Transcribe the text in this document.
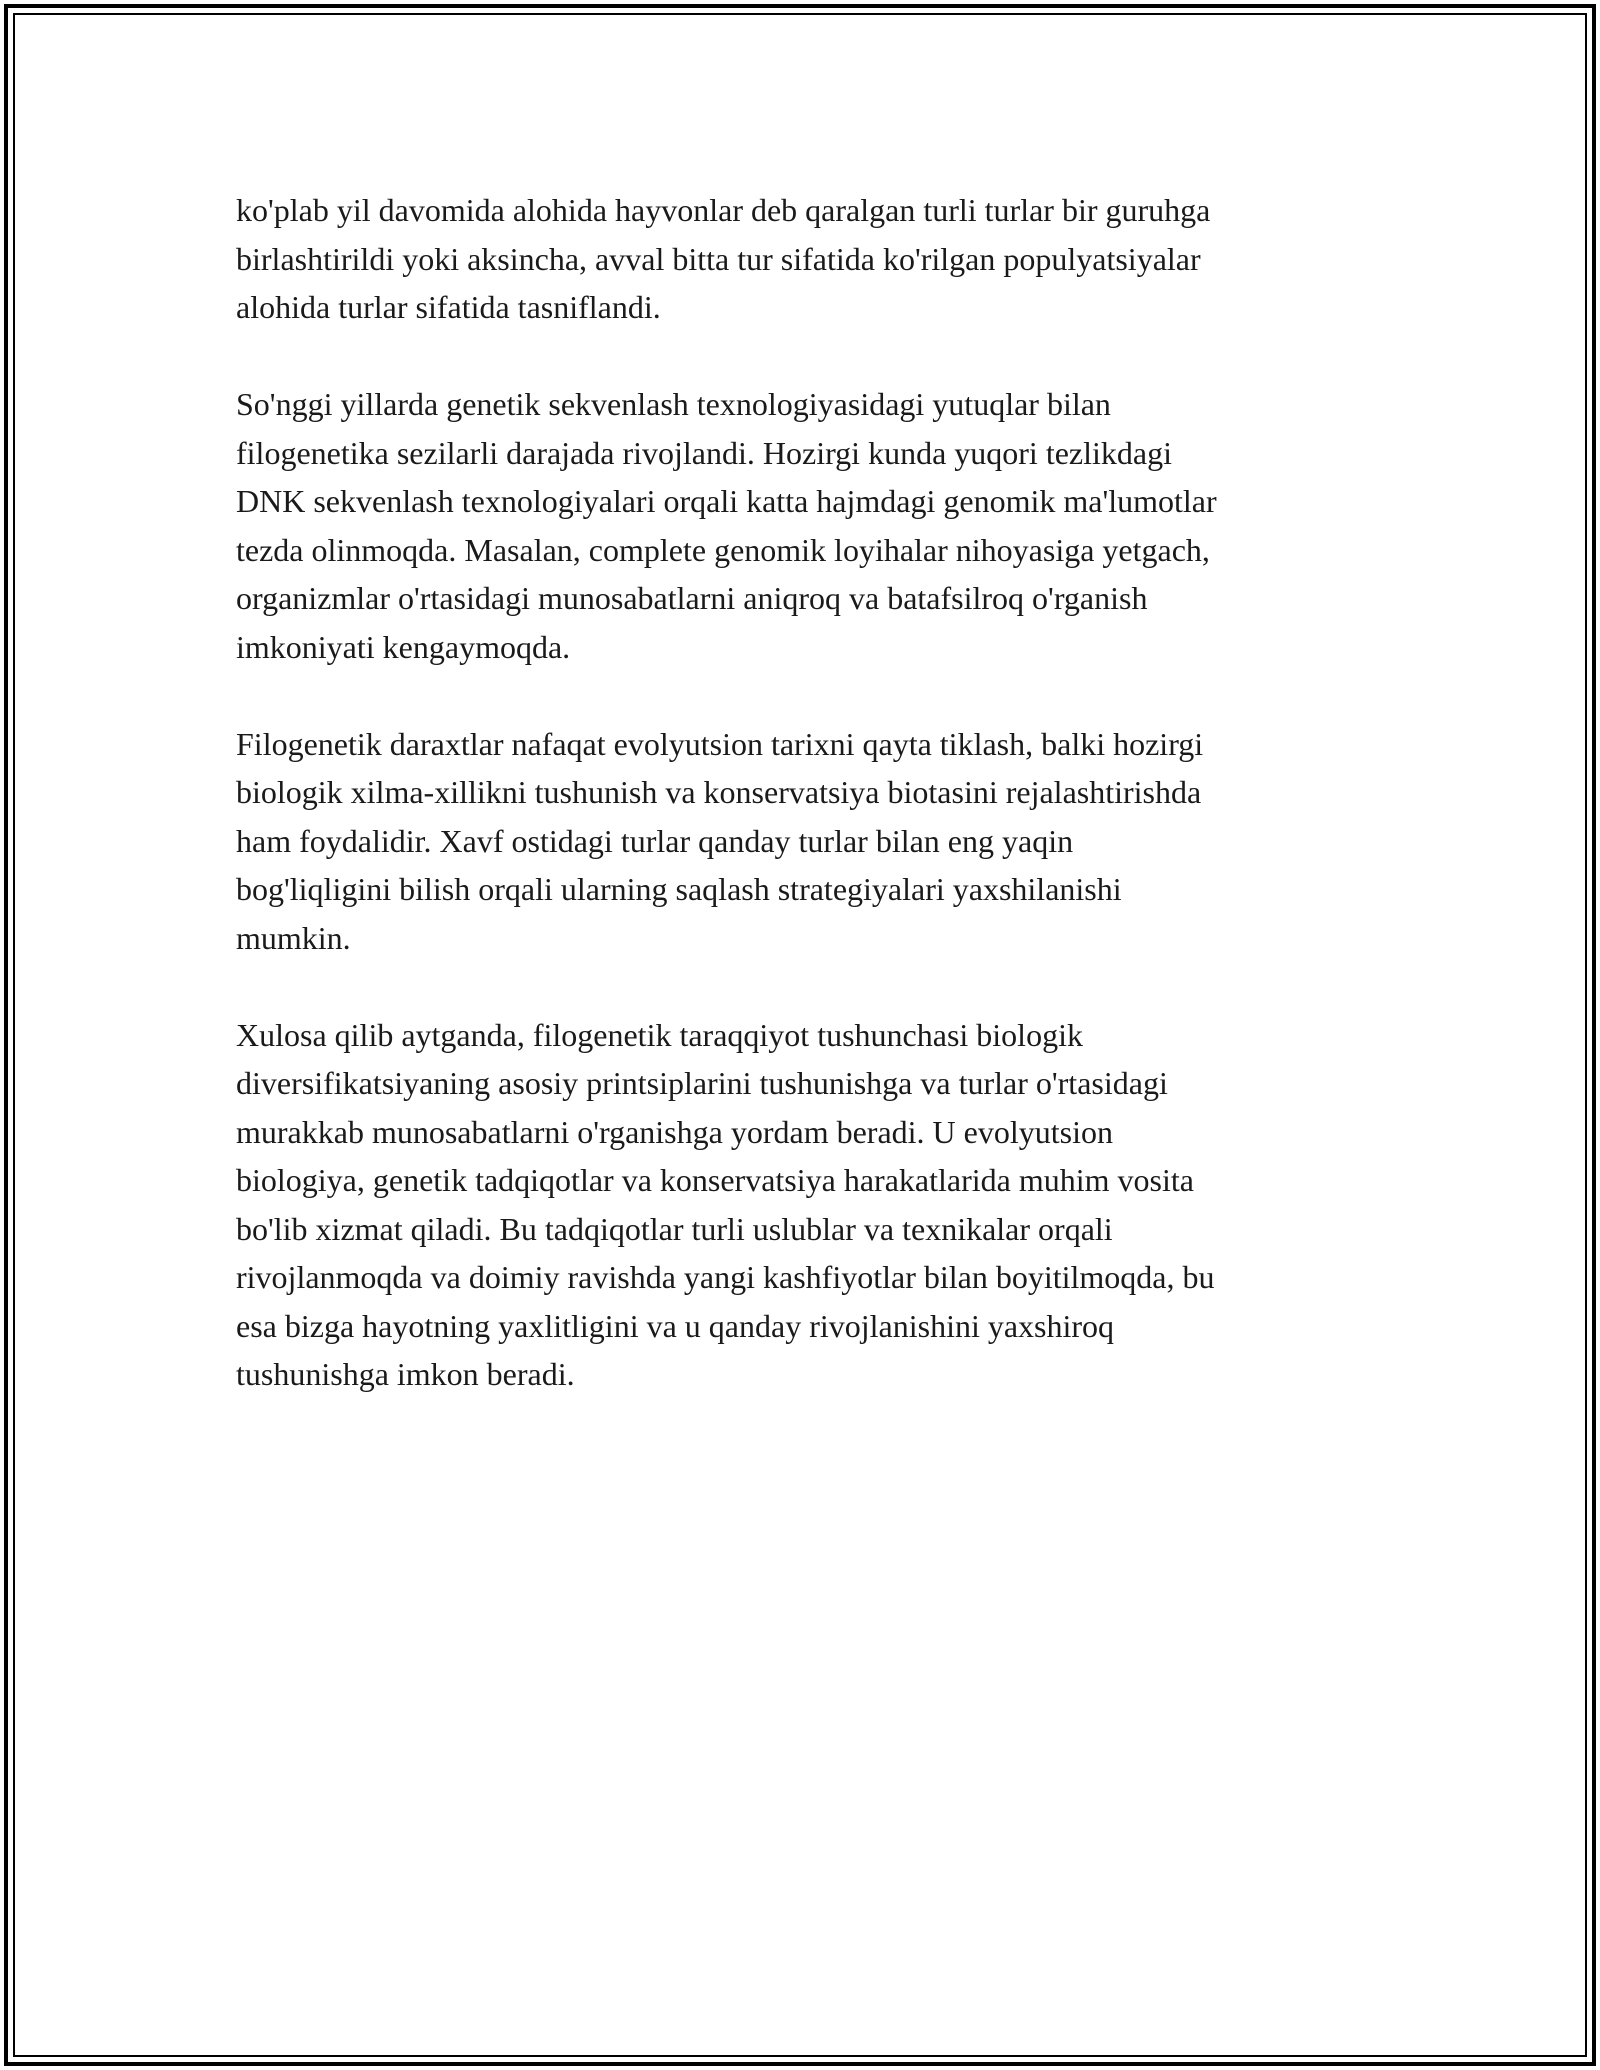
ko'plab yil davomida alohida hayvonlar deb qaralgan turli turlar bir guruhga
birlashtirildi yoki aksincha, avval bitta tur sifatida ko'rilgan populyatsiyalar
alohida turlar sifatida tasniflandi.

So'nggi yillarda genetik sekvenlash texnologiyasidagi yutuqlar bilan
filogenetika sezilarli darajada rivojlandi. Hozirgi kunda yuqori tezlikdagi
DNK sekvenlash texnologiyalari orqali katta hajmdagi genomik ma'lumotlar
tezda olinmoqda. Masalan, complete genomik loyihalar nihoyasiga yetgach,
organizmlar o'rtasidagi munosabatlarni aniqroq va batafsilroq o'rganish
imkoniyati kengaymoqda.

Filogenetik daraxtlar nafaqat evolyutsion tarixni qayta tiklash, balki hozirgi
biologik xilma-xillikni tushunish va konservatsiya biotasini rejalashtirishda
ham foydalidir. Xavf ostidagi turlar qanday turlar bilan eng yaqin
bog'liqligini bilish orqali ularning saqlash strategiyalari yaxshilanishi
mumkin.

Xulosa qilib aytganda, filogenetik taraqqiyot tushunchasi biologik
diversifikatsiyaning asosiy printsiplarini tushunishga va turlar o'rtasidagi
murakkab munosabatlarni o'rganishga yordam beradi. U evolyutsion
biologiya, genetik tadqiqotlar va konservatsiya harakatlarida muhim vosita
bo'lib xizmat qiladi. Bu tadqiqotlar turli uslublar va texnikalar orqali
rivojlanmoqda va doimiy ravishda yangi kashfiyotlar bilan boyitilmoqda, bu
esa bizga hayotning yaxlitligini va u qanday rivojlanishini yaxshiroq
tushunishga imkon beradi.
